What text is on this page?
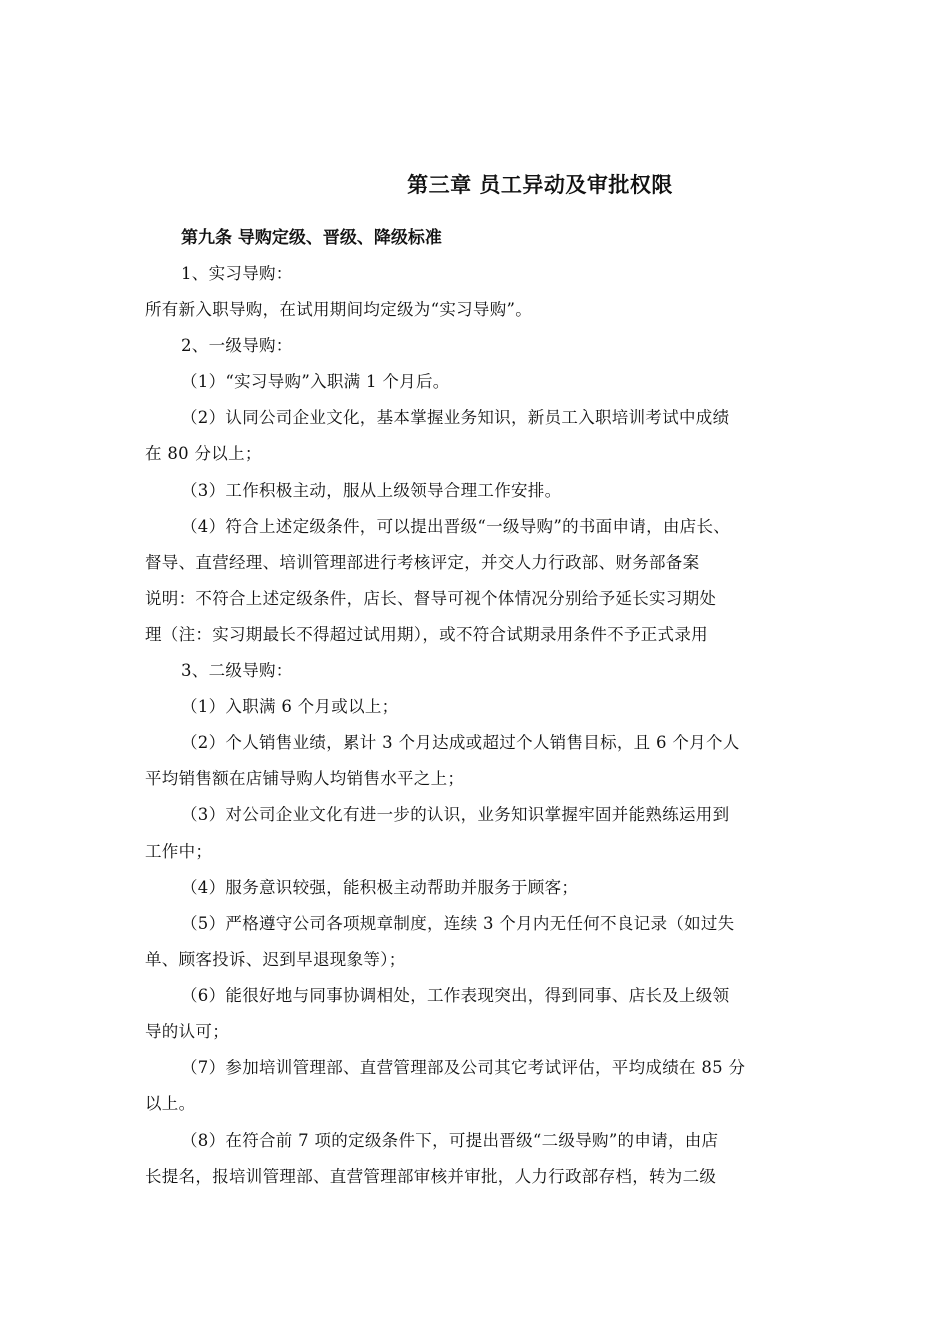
第三章 员工异动及审批权限
第九条 导购定级、晋级、降级标准
1、实习导购：
所有新入职导购，在试用期间均定级为“实习导购”。
2、一级导购：
（1）“实习导购”入职满 1 个月后。
（2）认同公司企业文化，基本掌握业务知识，新员工入职培训考试中成绩
在 80 分以上；
（3）工作积极主动，服从上级领导合理工作安排。
（4）符合上述定级条件，可以提出晋级“一级导购”的书面申请，由店长、
督导、直营经理、培训管理部进行考核评定，并交人力行政部、财务部备案
说明：不符合上述定级条件，店长、督导可视个体情况分别给予延长实习期处
理（注：实习期最长不得超过试用期），或不符合试期录用条件不予正式录用
3、二级导购：
（1）入职满 6 个月或以上；
（2）个人销售业绩，累计 3 个月达成或超过个人销售目标，且 6 个月个人
平均销售额在店铺导购人均销售水平之上；
（3）对公司企业文化有进一步的认识，业务知识掌握牢固并能熟练运用到
工作中；
（4）服务意识较强，能积极主动帮助并服务于顾客；
（5）严格遵守公司各项规章制度，连续 3 个月内无任何不良记录（如过失
单、顾客投诉、迟到早退现象等）；
（6）能很好地与同事协调相处，工作表现突出，得到同事、店长及上级领
导的认可；
（7）参加培训管理部、直营管理部及公司其它考试评估，平均成绩在 85 分
以上。
（8）在符合前 7 项的定级条件下，可提出晋级“二级导购”的申请，由店
长提名，报培训管理部、直营管理部审核并审批，人力行政部存档，转为二级
